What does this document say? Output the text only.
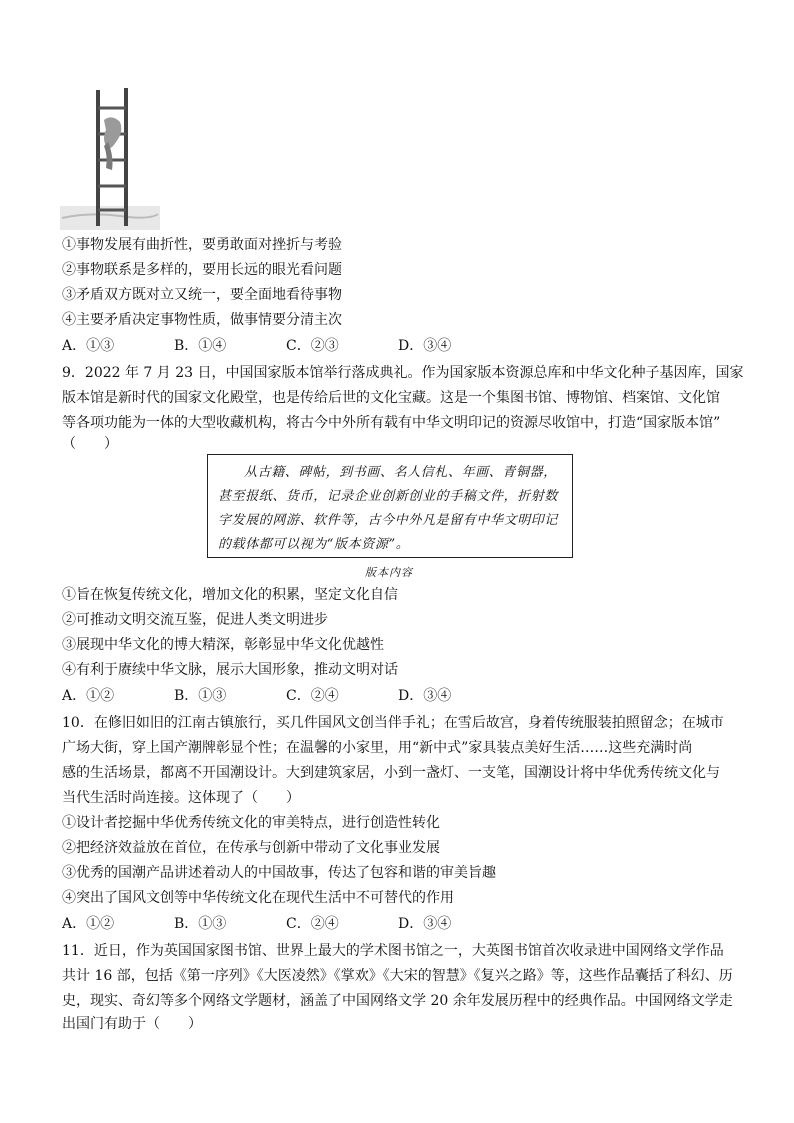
①事物发展有曲折性，要勇敢面对挫折与考验
②事物联系是多样的，要用长远的眼光看问题
③矛盾双方既对立又统一，要全面地看待事物
④主要矛盾决定事物性质，做事情要分清主次
A．①③	B．①④	C．②③	D．③④
9．2022 年 7 月 23 日，中国国家版本馆举行落成典礼。作为国家版本资源总库和中华文化种子基因库，国家
版本馆是新时代的国家文化殿堂，也是传给后世的文化宝藏。这是一个集图书馆、博物馆、档案馆、文化馆
等各项功能为一体的大型收藏机构，将古今中外所有载有中华文明印记的资源尽收馆中，打造“国家版本馆”
（　　）
从古籍、碑帖，到书画、名人信札、年画、青铜器，
甚至报纸、货币，记录企业创新创业的手稿文件，折射数
字发展的网游、软件等，古今中外凡是留有中华文明印记
的载体都可以视为“版本资源”。
版本内容
①旨在恢复传统文化，增加文化的积累，坚定文化自信
②可推动文明交流互鉴，促进人类文明进步
③展现中华文化的博大精深，彰彰显中华文化优越性
④有利于赓续中华文脉，展示大国形象，推动文明对话
A．①②	B．①③	C．②④	D．③④
10．在修旧如旧的江南古镇旅行，买几件国风文创当伴手礼；在雪后故宫，身着传统服装拍照留念；在城市
广场大街，穿上国产潮牌彰显个性；在温馨的小家里，用“新中式”家具装点美好生活……这些充满时尚
感的生活场景，都离不开国潮设计。大到建筑家居，小到一盏灯、一支笔，国潮设计将中华优秀传统文化与
当代生活时尚连接。这体现了（　　）
①设计者挖掘中华优秀传统文化的审美特点，进行创造性转化
②把经济效益放在首位，在传承与创新中带动了文化事业发展
③优秀的国潮产品讲述着动人的中国故事，传达了包容和谐的审美旨趣
④突出了国风文创等中华传统文化在现代生活中不可替代的作用
A．①②	B．①③	C．②④	D．③④
11．近日，作为英国国家图书馆、世界上最大的学术图书馆之一，大英图书馆首次收录进中国网络文学作品
共计 16 部，包括《第一序列》《大医凌然》《掌欢》《大宋的智慧》《复兴之路》等，这些作品囊括了科幻、历
史，现实、奇幻等多个网络文学题材，涵盖了中国网络文学 20 余年发展历程中的经典作品。中国网络文学走
出国门有助于（　　）
